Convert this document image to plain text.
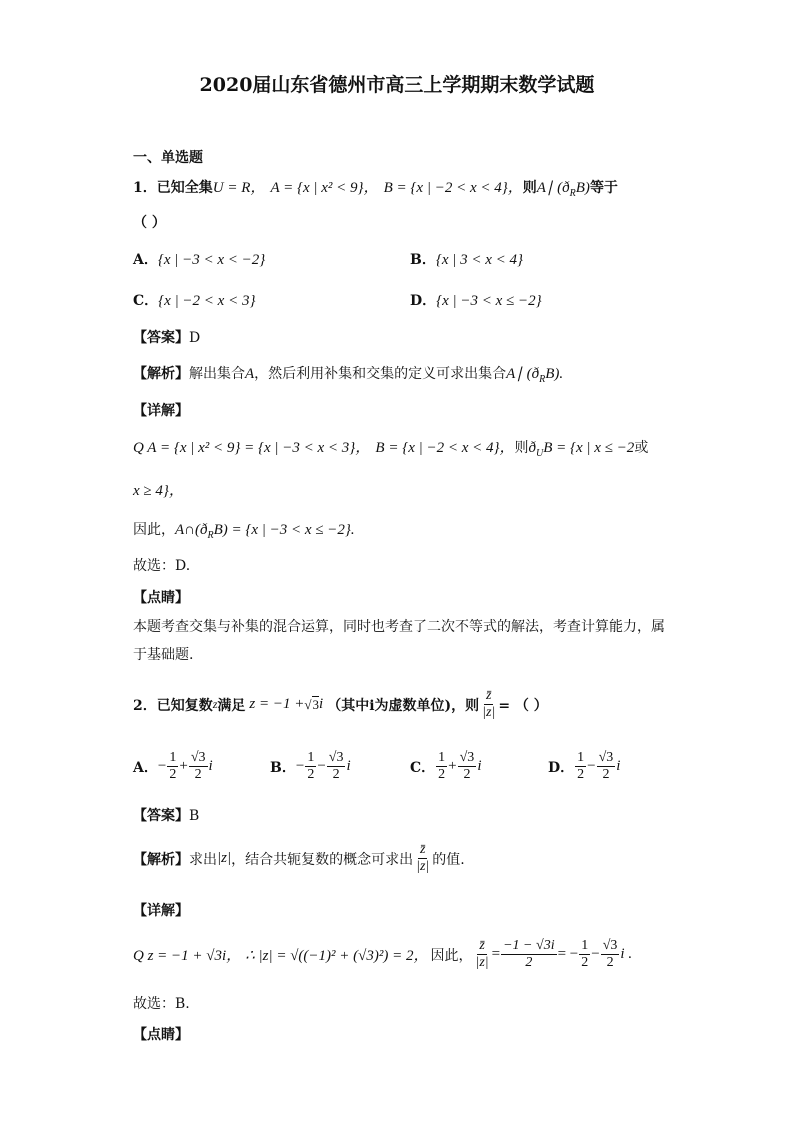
2020届山东省德州市高三上学期期末数学试题
一、单选题
1．已知全集U = R， A = {x | x² < 9}， B = {x | −2 < x < 4}，则A∣ $(ð_RB)$等于
（ ）
A．{x | −3 < x < −2}	B．{x | 3 < x < 4}
C．{x | −2 < x < 3}	D．{x | −3 < x ≤ −2}
【答案】D
【解析】解出集合A，然后利用补集和交集的定义可求出集合A∣ $(ð_RB)$.
【详解】
Q A = {x | x² < 9} = {x | −3 < x < 3}， B = {x | −2 < x < 4}，则$ð_UB = \{x$ | x ≤ −2或
x ≥ 4}，
因此，$A\cap(ð_RB) = \{x$ | −3 < x ≤ −2}.
故选：D.
【点睛】
本题考查交集与补集的混合运算，同时也考查了二次不等式的解法，考查计算能力，属于基础题.
2．已知复数 z 满足 z = −1 + √ 3 i （其中i为虚数单位)，则 $\frac{z̄}{|z|}$ = （ ）
A． − $\frac{1}{2} + \frac{√3}{2}$ i	B． − $\frac{1}{2} - \frac{√3}{2}$ i	C． $\frac{1}{2} + \frac{√3}{2}$ i	D． $\frac{1}{2} - \frac{√3}{2}$ i
【答案】B
【解析】 求出 |z| ，结合共轭复数的概念可求出 $\frac{z̄}{|z|}$ 的值.
【详解】
Q z = −1 + √3i， ∴ |z| = √((−1)² + (√3)²) = 2， 因此， $\frac{z̄}{|z|} = \frac{-1 - √3i}{2}$ = − $\frac{1}{2} - \frac{√3}{2}$ i .
故选：B.
【点睛】
